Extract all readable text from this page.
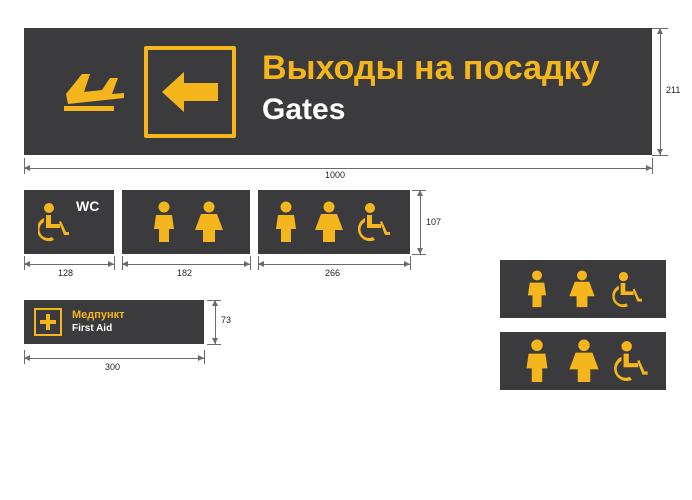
Выходы на посадку
Gates
1000
211
WC
128	182	266
107
Медпункт
First Aid
300
73
